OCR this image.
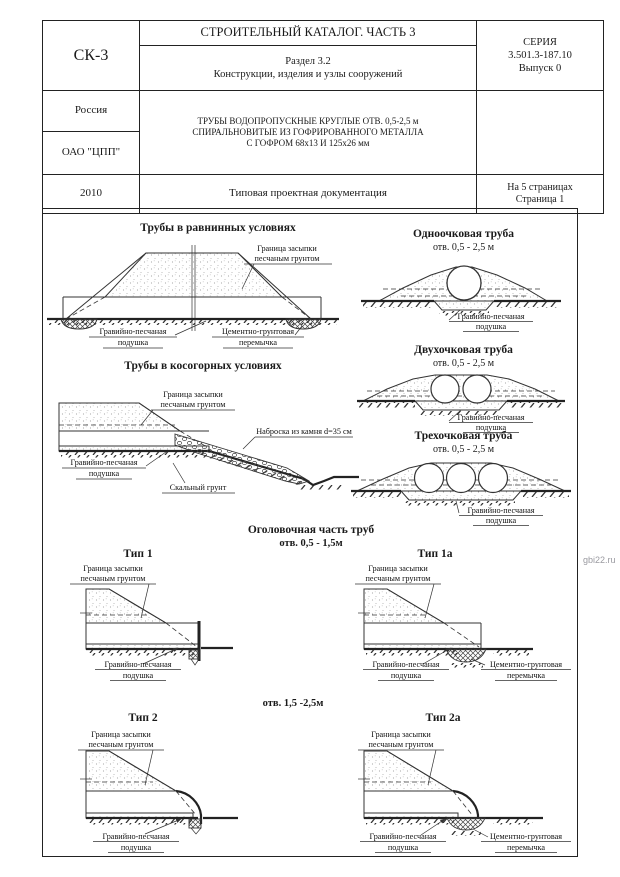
СК-3	СТРОИТЕЛЬНЫЙ КАТАЛОГ. ЧАСТЬ 3	СЕРИЯ
3.501.3-187.10
Выпуск 0

	Раздел 3.2
Конструкции, изделия и узлы сооружений	

Россия	ТРУБЫ ВОДОПРОПУСКНЫЕ КРУГЛЫЕ ОТВ. 0,5-2,5 м
СПИРАЛЬНОВИТЫЕ ИЗ ГОФРИРОВАННОГО МЕТАЛЛА
С ГОФРОМ 68х13 И 125х26 мм	

ОАО "ЦПП"		
2010	Типовая проектная документация	На 5 страницах
Страница 1
Трубы в равнинных условиях	Одноочковая труба
отв. 0,5 - 2,5 м
Граница засыпки
песчаным грунтом
Гравийно-песчаная
подушка
Цементно-грунтовая
перемычка
Гравийно-песчаная
подушка
Двухочковая труба
отв. 0,5 - 2,5 м
Гравийно-песчаная
подушка
Трехочковая труба
отв. 0,5 - 2,5 м
Гравийно-песчаная
подушка
Трубы в косогорных условиях
Граница засыпки
песчаным грунтом
Наброска из камня d=35 см
Гравийно-песчаная
подушка
Скальный грунт
Оголовочная часть труб
отв. 0,5 - 1,5м
Тип 1	Тип 1а
Граница засыпки
песчаным грунтом
Гравийно-песчаная
подушка
Граница засыпки
песчаным грунтом
Гравийно-песчаная
подушка
Цементно-грунтовая
перемычка
отв. 1,5 -2,5м
Тип 2	Тип 2а
Граница засыпки
песчаным грунтом
Гравийно-песчаная
подушка
Граница засыпки
песчаным грунтом
Гравийно-песчаная
подушка
Цементно-грунтовая
перемычка
gbi22.ru
